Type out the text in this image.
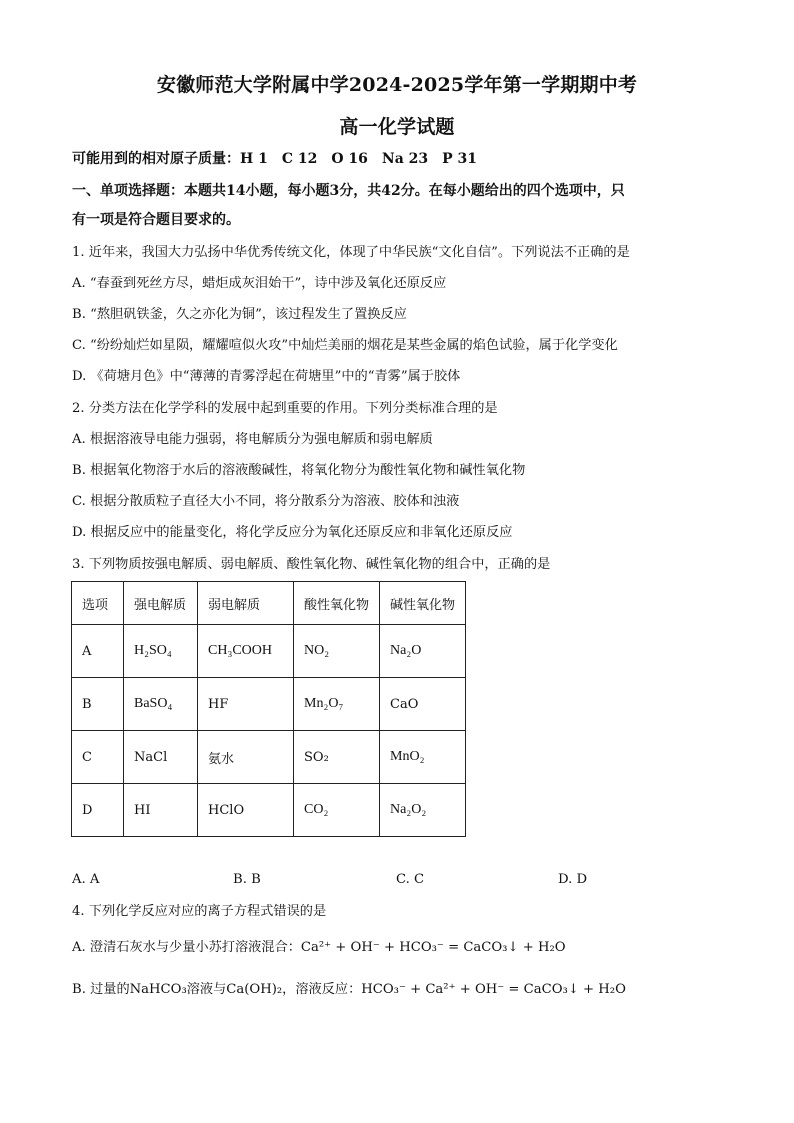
安徽师范大学附属中学2024-2025学年第一学期期中考
高一化学试题
可能用到的相对原子质量：H 1　C 12　O 16　Na 23　P 31
一、单项选择题：本题共14小题，每小题3分，共42分。在每小题给出的四个选项中，只
有一项是符合题目要求的。
1. 近年来，我国大力弘扬中华优秀传统文化，体现了中华民族“文化自信”。下列说法不正确的是
A. “春蚕到死丝方尽，蜡炬成灰泪始干”，诗中涉及氧化还原反应
B. “熬胆矾铁釜，久之亦化为铜”，该过程发生了置换反应
C. “纷纷灿烂如星陨，耀耀喧似火攻”中灿烂美丽的烟花是某些金属的焰色试验，属于化学变化
D. 《荷塘月色》中“薄薄的青雾浮起在荷塘里”中的“青雾”属于胶体
2. 分类方法在化学学科的发展中起到重要的作用。下列分类标准合理的是
A. 根据溶液导电能力强弱，将电解质分为强电解质和弱电解质
B. 根据氧化物溶于水后的溶液酸碱性，将氧化物分为酸性氧化物和碱性氧化物
C. 根据分散质粒子直径大小不同，将分散系分为溶液、胶体和浊液
D. 根据反应中的能量变化，将化学反应分为氧化还原反应和非氧化还原反应
3. 下列物质按强电解质、弱电解质、酸性氧化物、碱性氧化物的组合中，正确的是
选项	强电解质	弱电解质	酸性氧化物	碱性氧化物
A	H₂SO₄	CH₃COOH	NO₂	Na₂O
B	BaSO₄	HF	Mn₂O₇	CaO
C	NaCl	氨水	SO₂	MnO₂
D	HI	HClO	CO₂	Na₂O₂
A. A	B. B	C. C	D. D
4. 下列化学反应对应的离子方程式错误的是
A. 澄清石灰水与少量小苏打溶液混合：Ca²⁺ + OH⁻ + HCO₃⁻ = CaCO₃↓ + H₂O
B. 过量的NaHCO₃溶液与Ca(OH)₂，溶液反应：HCO₃⁻ + Ca²⁺ + OH⁻ = CaCO₃↓ + H₂O
